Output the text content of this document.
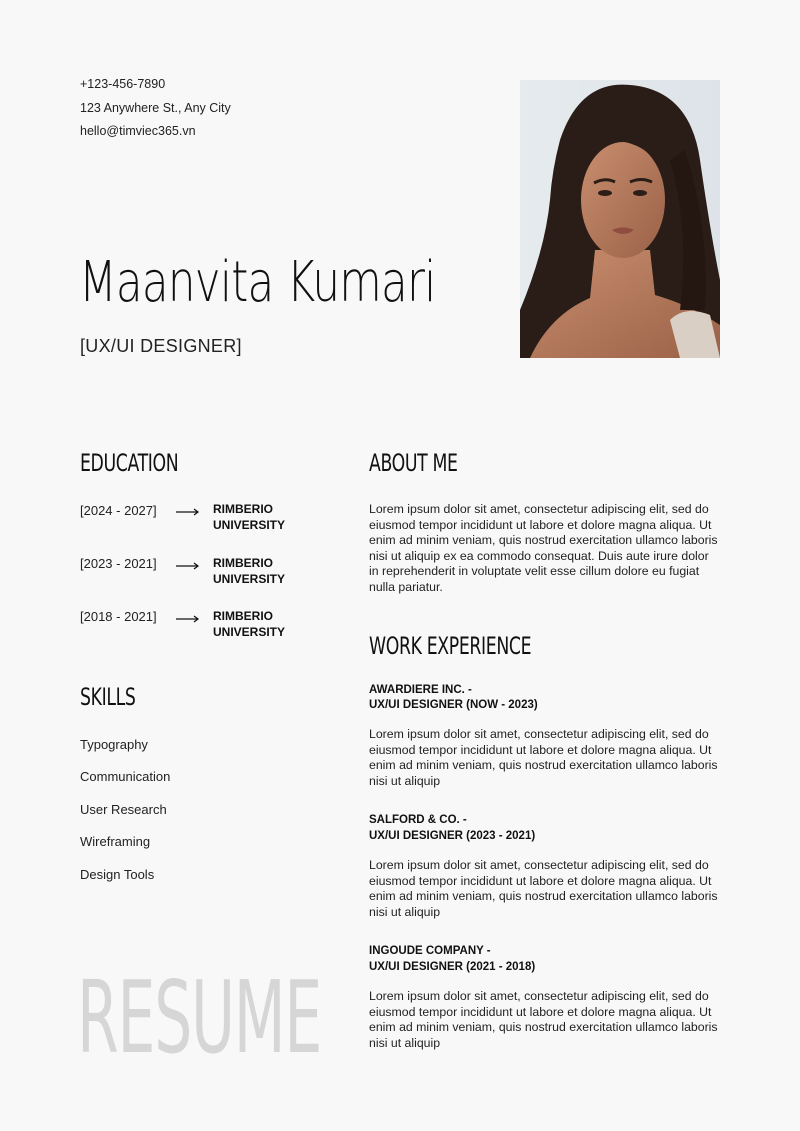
+123-456-7890
123 Anywhere St., Any City
hello@timviec365.vn
Maanvita Kumari
[UX/UI DESIGNER]
EDUCATION
[2024 - 2027]	RIMBERIO
UNIVERSITY
[2023 - 2021]	RIMBERIO
UNIVERSITY
[2018 - 2021]	RIMBERIO
UNIVERSITY
SKILLS
Typography
Communication
User Research
Wireframing
Design Tools
RESUME
ABOUT ME
Lorem ipsum dolor sit amet, consectetur adipiscing elit, sed do eiusmod tempor incididunt ut labore et dolore magna aliqua. Ut enim ad minim veniam, quis nostrud exercitation ullamco laboris nisi ut aliquip ex ea commodo consequat. Duis aute irure dolor in reprehenderit in voluptate velit esse cillum dolore eu fugiat nulla pariatur.
WORK EXPERIENCE
AWARDIERE INC. -
UX/UI DESIGNER (NOW - 2023)
Lorem ipsum dolor sit amet, consectetur adipiscing elit, sed do eiusmod tempor incididunt ut labore et dolore magna aliqua. Ut enim ad minim veniam, quis nostrud exercitation ullamco laboris nisi ut aliquip
SALFORD & CO. -
UX/UI DESIGNER (2023 - 2021)
Lorem ipsum dolor sit amet, consectetur adipiscing elit, sed do eiusmod tempor incididunt ut labore et dolore magna aliqua. Ut enim ad minim veniam, quis nostrud exercitation ullamco laboris nisi ut aliquip
INGOUDE COMPANY -
UX/UI DESIGNER (2021 - 2018)
Lorem ipsum dolor sit amet, consectetur adipiscing elit, sed do eiusmod tempor incididunt ut labore et dolore magna aliqua. Ut enim ad minim veniam, quis nostrud exercitation ullamco laboris nisi ut aliquip
